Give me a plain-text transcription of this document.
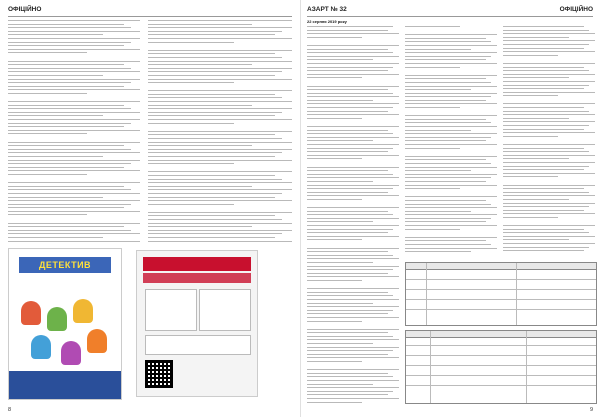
ОФІЦІЙНО
ДЕТЕКТИВ
8
АЗАРТ № 32	ОФІЦІЙНО
22 серпня 2019 року
9
